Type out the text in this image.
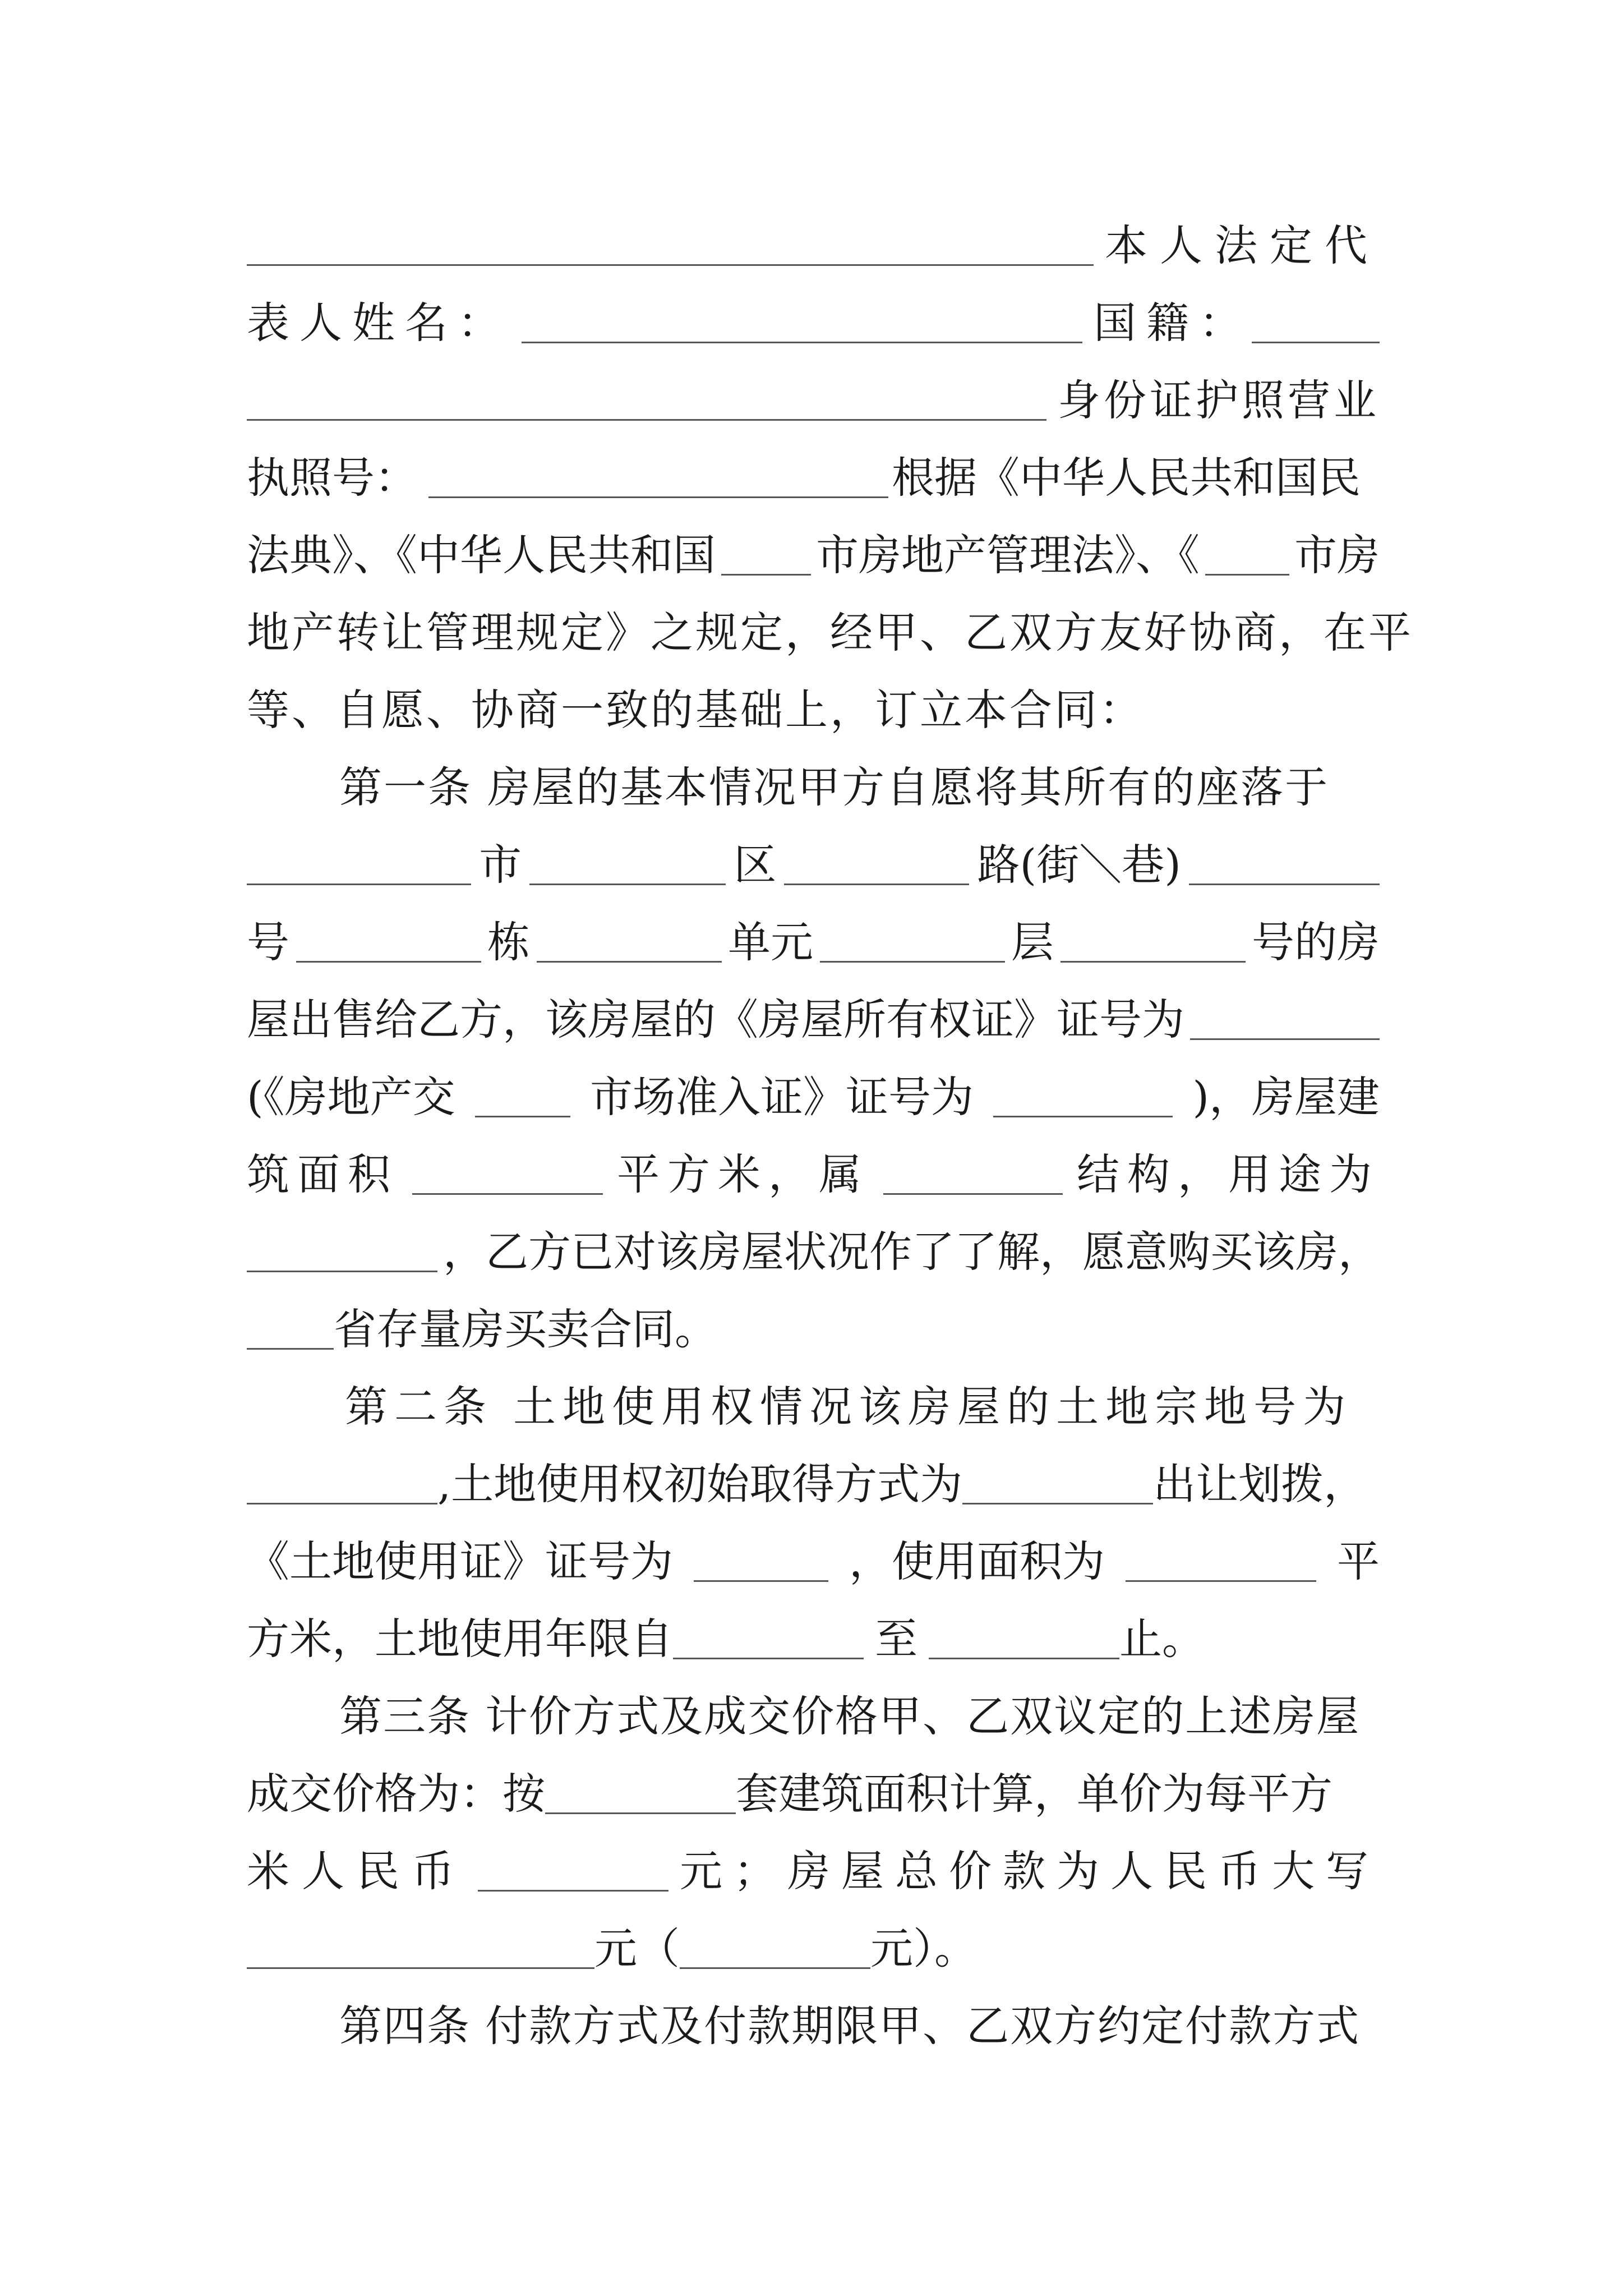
本人法定代
表人姓名：	国籍：
身份证护照营业
执照号：	根据《中华人民共和国民
法典》、《中华人民共和国 市房地产管理法》、《 市房
地产转让管理规定》之规定，经甲、乙双方友好协商，在平
等、自愿、协商一致的基础上，订立本合同：
第一条 房屋的基本情况甲方自愿将其所有的座落于
市	区	路(街＼巷)
号	栋	单元	层	号的房
屋出售给乙方，该房屋的《房屋所有权证》证号为
(《房地产交	市场准入证》证号为	)，房屋建
筑面积	平方米，属	结构，用途为
，乙方已对该房屋状况作了了解，愿意购买该房，
省存量房买卖合同。
第二条 土地使用权情况该房屋的土地宗地号为
,土地使用权初始取得方式为	出让划拨，
《土地使用证》证号为	，使用面积为	平
方米，土地使用年限自	至	止。
第三条 计价方式及成交价格甲、乙双议定的上述房屋
成交价格为：按	套建筑面积计算，单价为每平方
米人民币	元；房屋总价款为人民币大写
元（	元）。
第四条 付款方式及付款期限甲、乙双方约定付款方式
